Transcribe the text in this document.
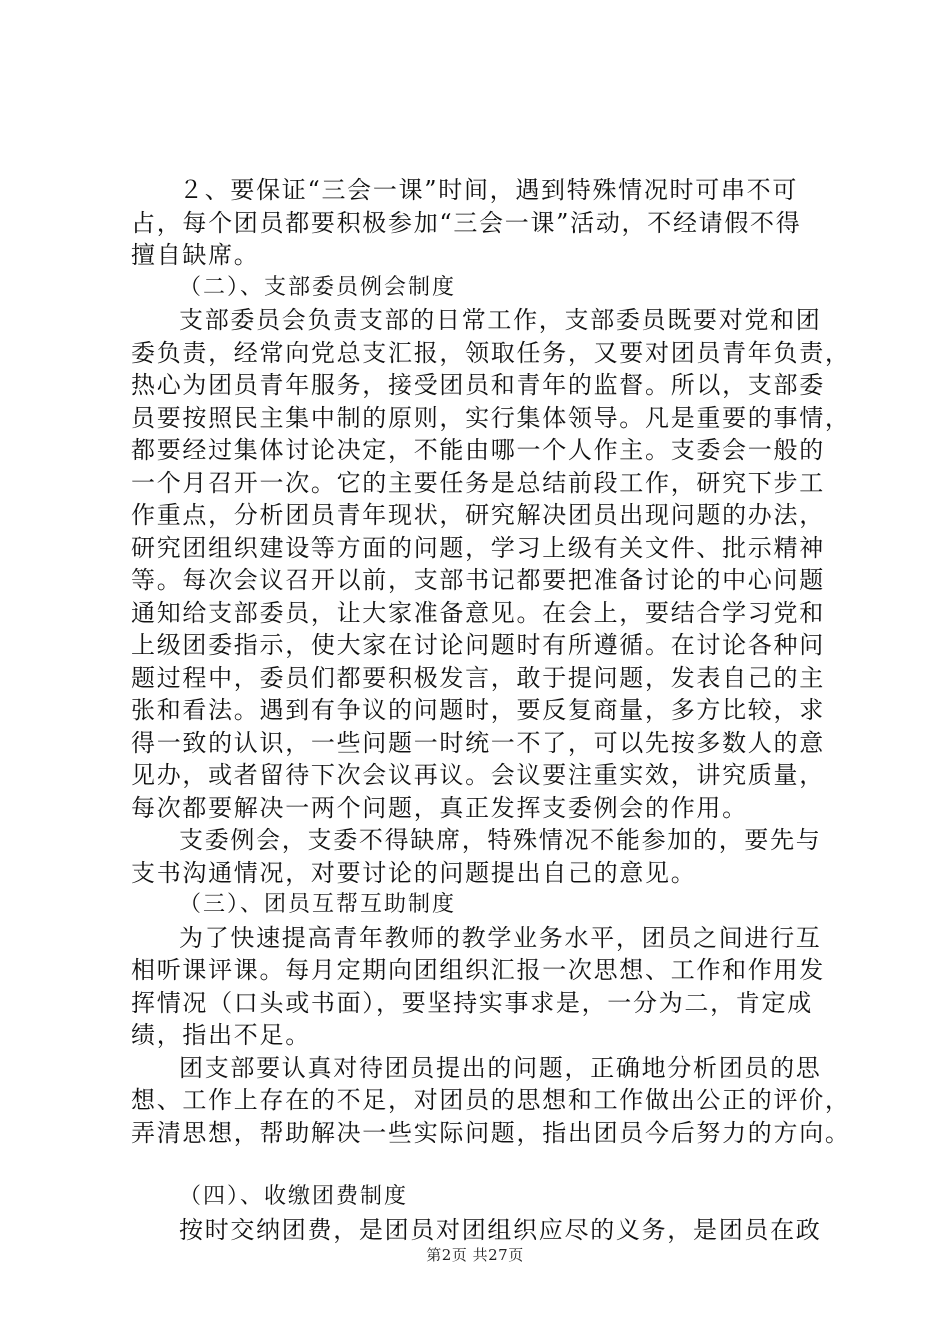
２、要保证“三会一课”时间，遇到特殊情况时可串不可
占，每个团员都要积极参加“三会一课”活动，不经请假不得
擅自缺席。
（二）、支部委员例会制度
支部委员会负责支部的日常工作，支部委员既要对党和团
委负责，经常向党总支汇报，领取任务，又要对团员青年负责，
热心为团员青年服务，接受团员和青年的监督。所以，支部委
员要按照民主集中制的原则，实行集体领导。凡是重要的事情，
都要经过集体讨论决定，不能由哪一个人作主。支委会一般的
一个月召开一次。它的主要任务是总结前段工作，研究下步工
作重点，分析团员青年现状，研究解决团员出现问题的办法，
研究团组织建设等方面的问题，学习上级有关文件、批示精神
等。每次会议召开以前，支部书记都要把准备讨论的中心问题
通知给支部委员，让大家准备意见。在会上，要结合学习党和
上级团委指示，使大家在讨论问题时有所遵循。在讨论各种问
题过程中，委员们都要积极发言，敢于提问题，发表自己的主
张和看法。遇到有争议的问题时，要反复商量，多方比较，求
得一致的认识，一些问题一时统一不了，可以先按多数人的意
见办，或者留待下次会议再议。会议要注重实效，讲究质量，
每次都要解决一两个问题，真正发挥支委例会的作用。
支委例会，支委不得缺席，特殊情况不能参加的，要先与
支书沟通情况，对要讨论的问题提出自己的意见。
（三）、团员互帮互助制度
为了快速提高青年教师的教学业务水平，团员之间进行互
相听课评课。每月定期向团组织汇报一次思想、工作和作用发
挥情况（口头或书面），要坚持实事求是，一分为二，肯定成
绩，指出不足。
团支部要认真对待团员提出的问题，正确地分析团员的思
想、工作上存在的不足，对团员的思想和工作做出公正的评价，
弄清思想，帮助解决一些实际问题，指出团员今后努力的方向。
（四）、收缴团费制度
按时交纳团费，是团员对团组织应尽的义务，是团员在政
第2页 共27页
